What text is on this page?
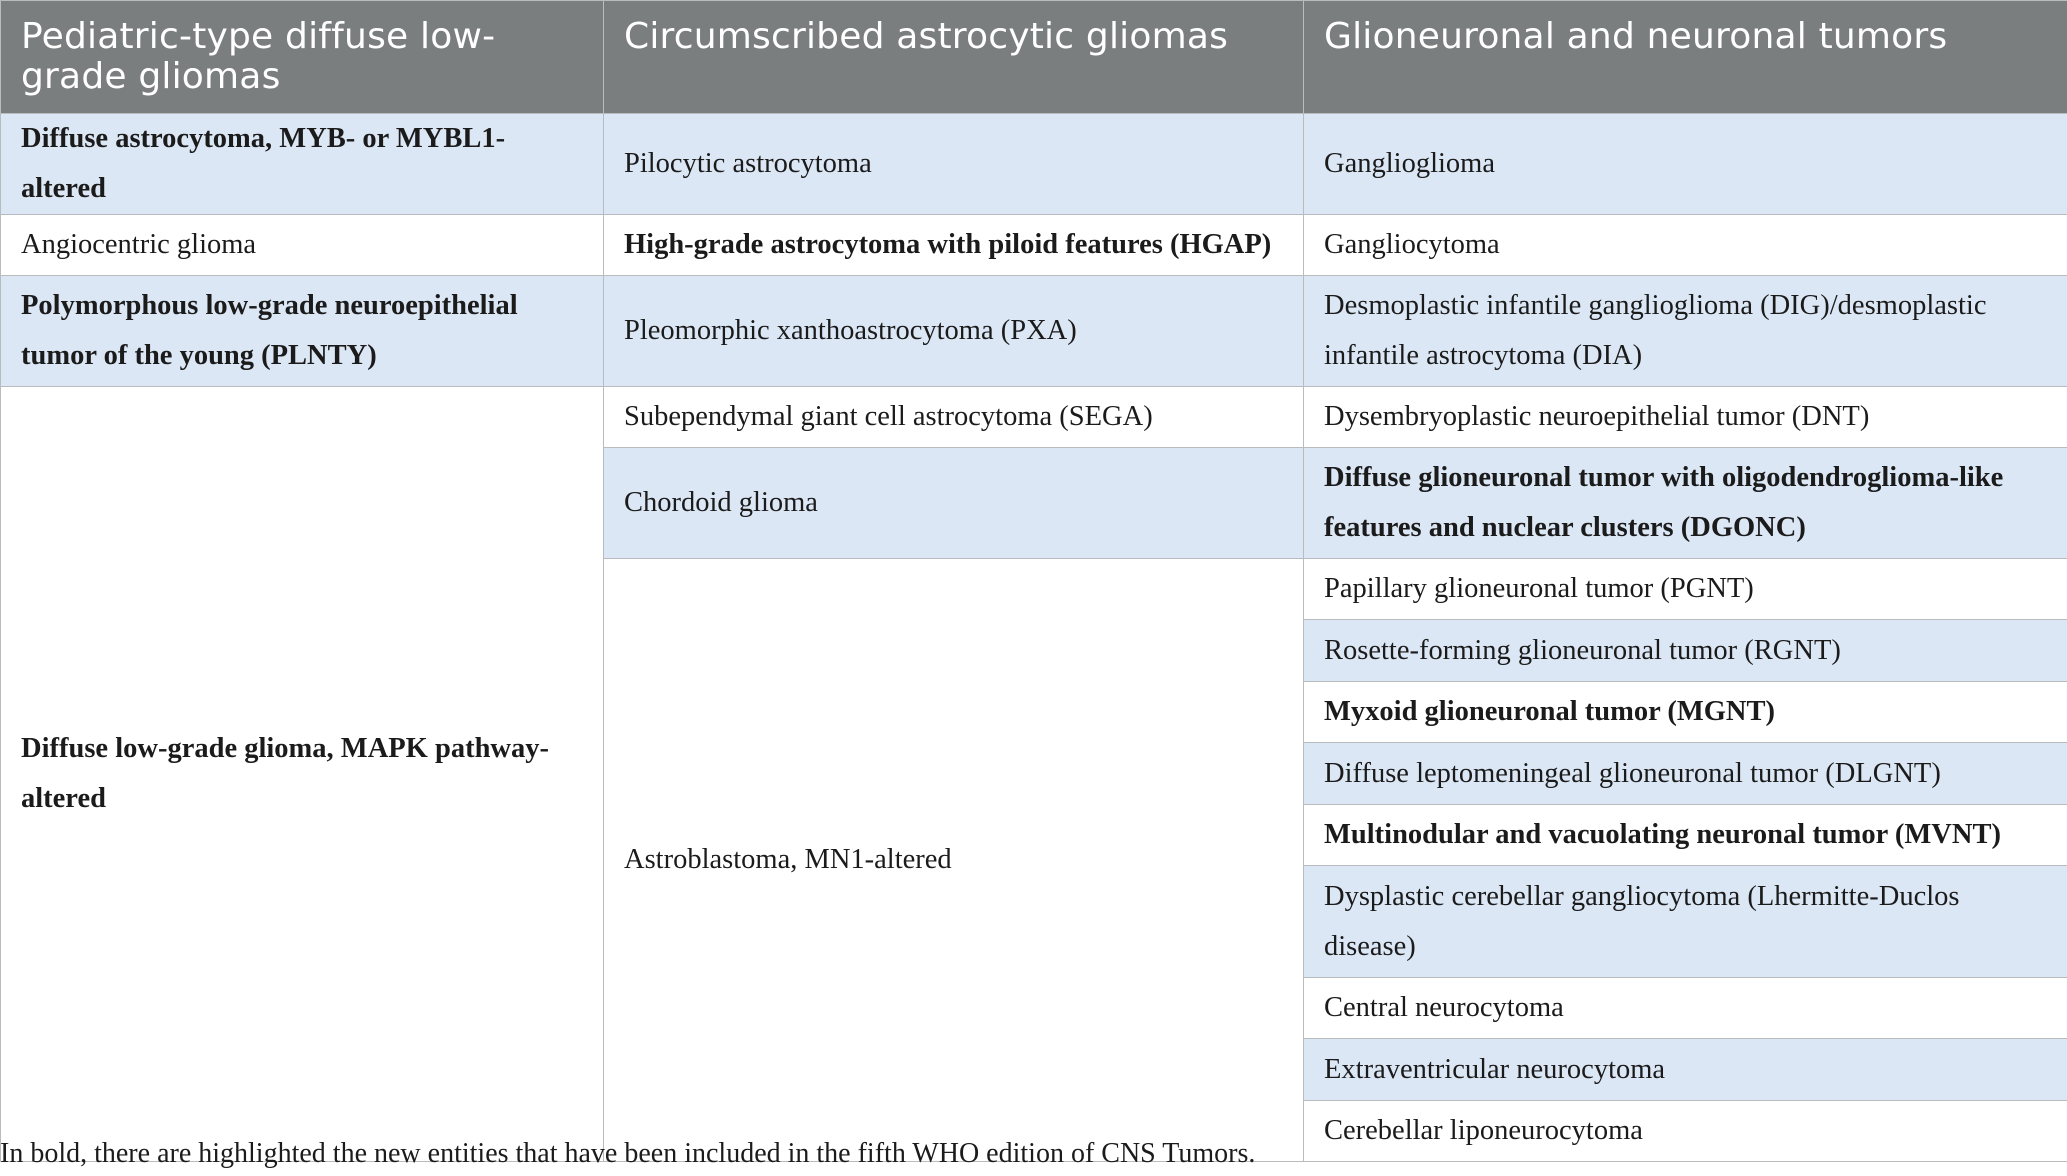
Pediatric-type diffuse low-grade gliomas	Circumscribed astrocytic gliomas	Glioneuronal and neuronal tumors
Diffuse astrocytoma, MYB- or MYBL1-altered	Pilocytic astrocytoma	Ganglioglioma
Angiocentric glioma	High-grade astrocytoma with piloid features (HGAP)	Gangliocytoma
Polymorphous low-grade neuroepithelial tumor of the young (PLNTY)	Pleomorphic xanthoastrocytoma (PXA)	Desmoplastic infantile ganglioglioma (DIG)/desmoplastic infantile astrocytoma (DIA)
Diffuse low-grade glioma, MAPK pathway-altered	Subependymal giant cell astrocytoma (SEGA)	Dysembryoplastic neuroepithelial tumor (DNT)
	Chordoid glioma	Diffuse glioneuronal tumor with oligodendroglioma-like features and nuclear clusters (DGONC)
	Astroblastoma, MN1-altered	Papillary glioneuronal tumor (PGNT)
		Rosette-forming glioneuronal tumor (RGNT)
		Myxoid glioneuronal tumor (MGNT)
		Diffuse leptomeningeal glioneuronal tumor (DLGNT)
		Multinodular and vacuolating neuronal tumor (MVNT)
		Dysplastic cerebellar gangliocytoma (Lhermitte-Duclos disease)
		Central neurocytoma
		Extraventricular neurocytoma
		Cerebellar liponeurocytoma
In bold, there are highlighted the new entities that have been included in the fifth WHO edition of CNS Tumors.
